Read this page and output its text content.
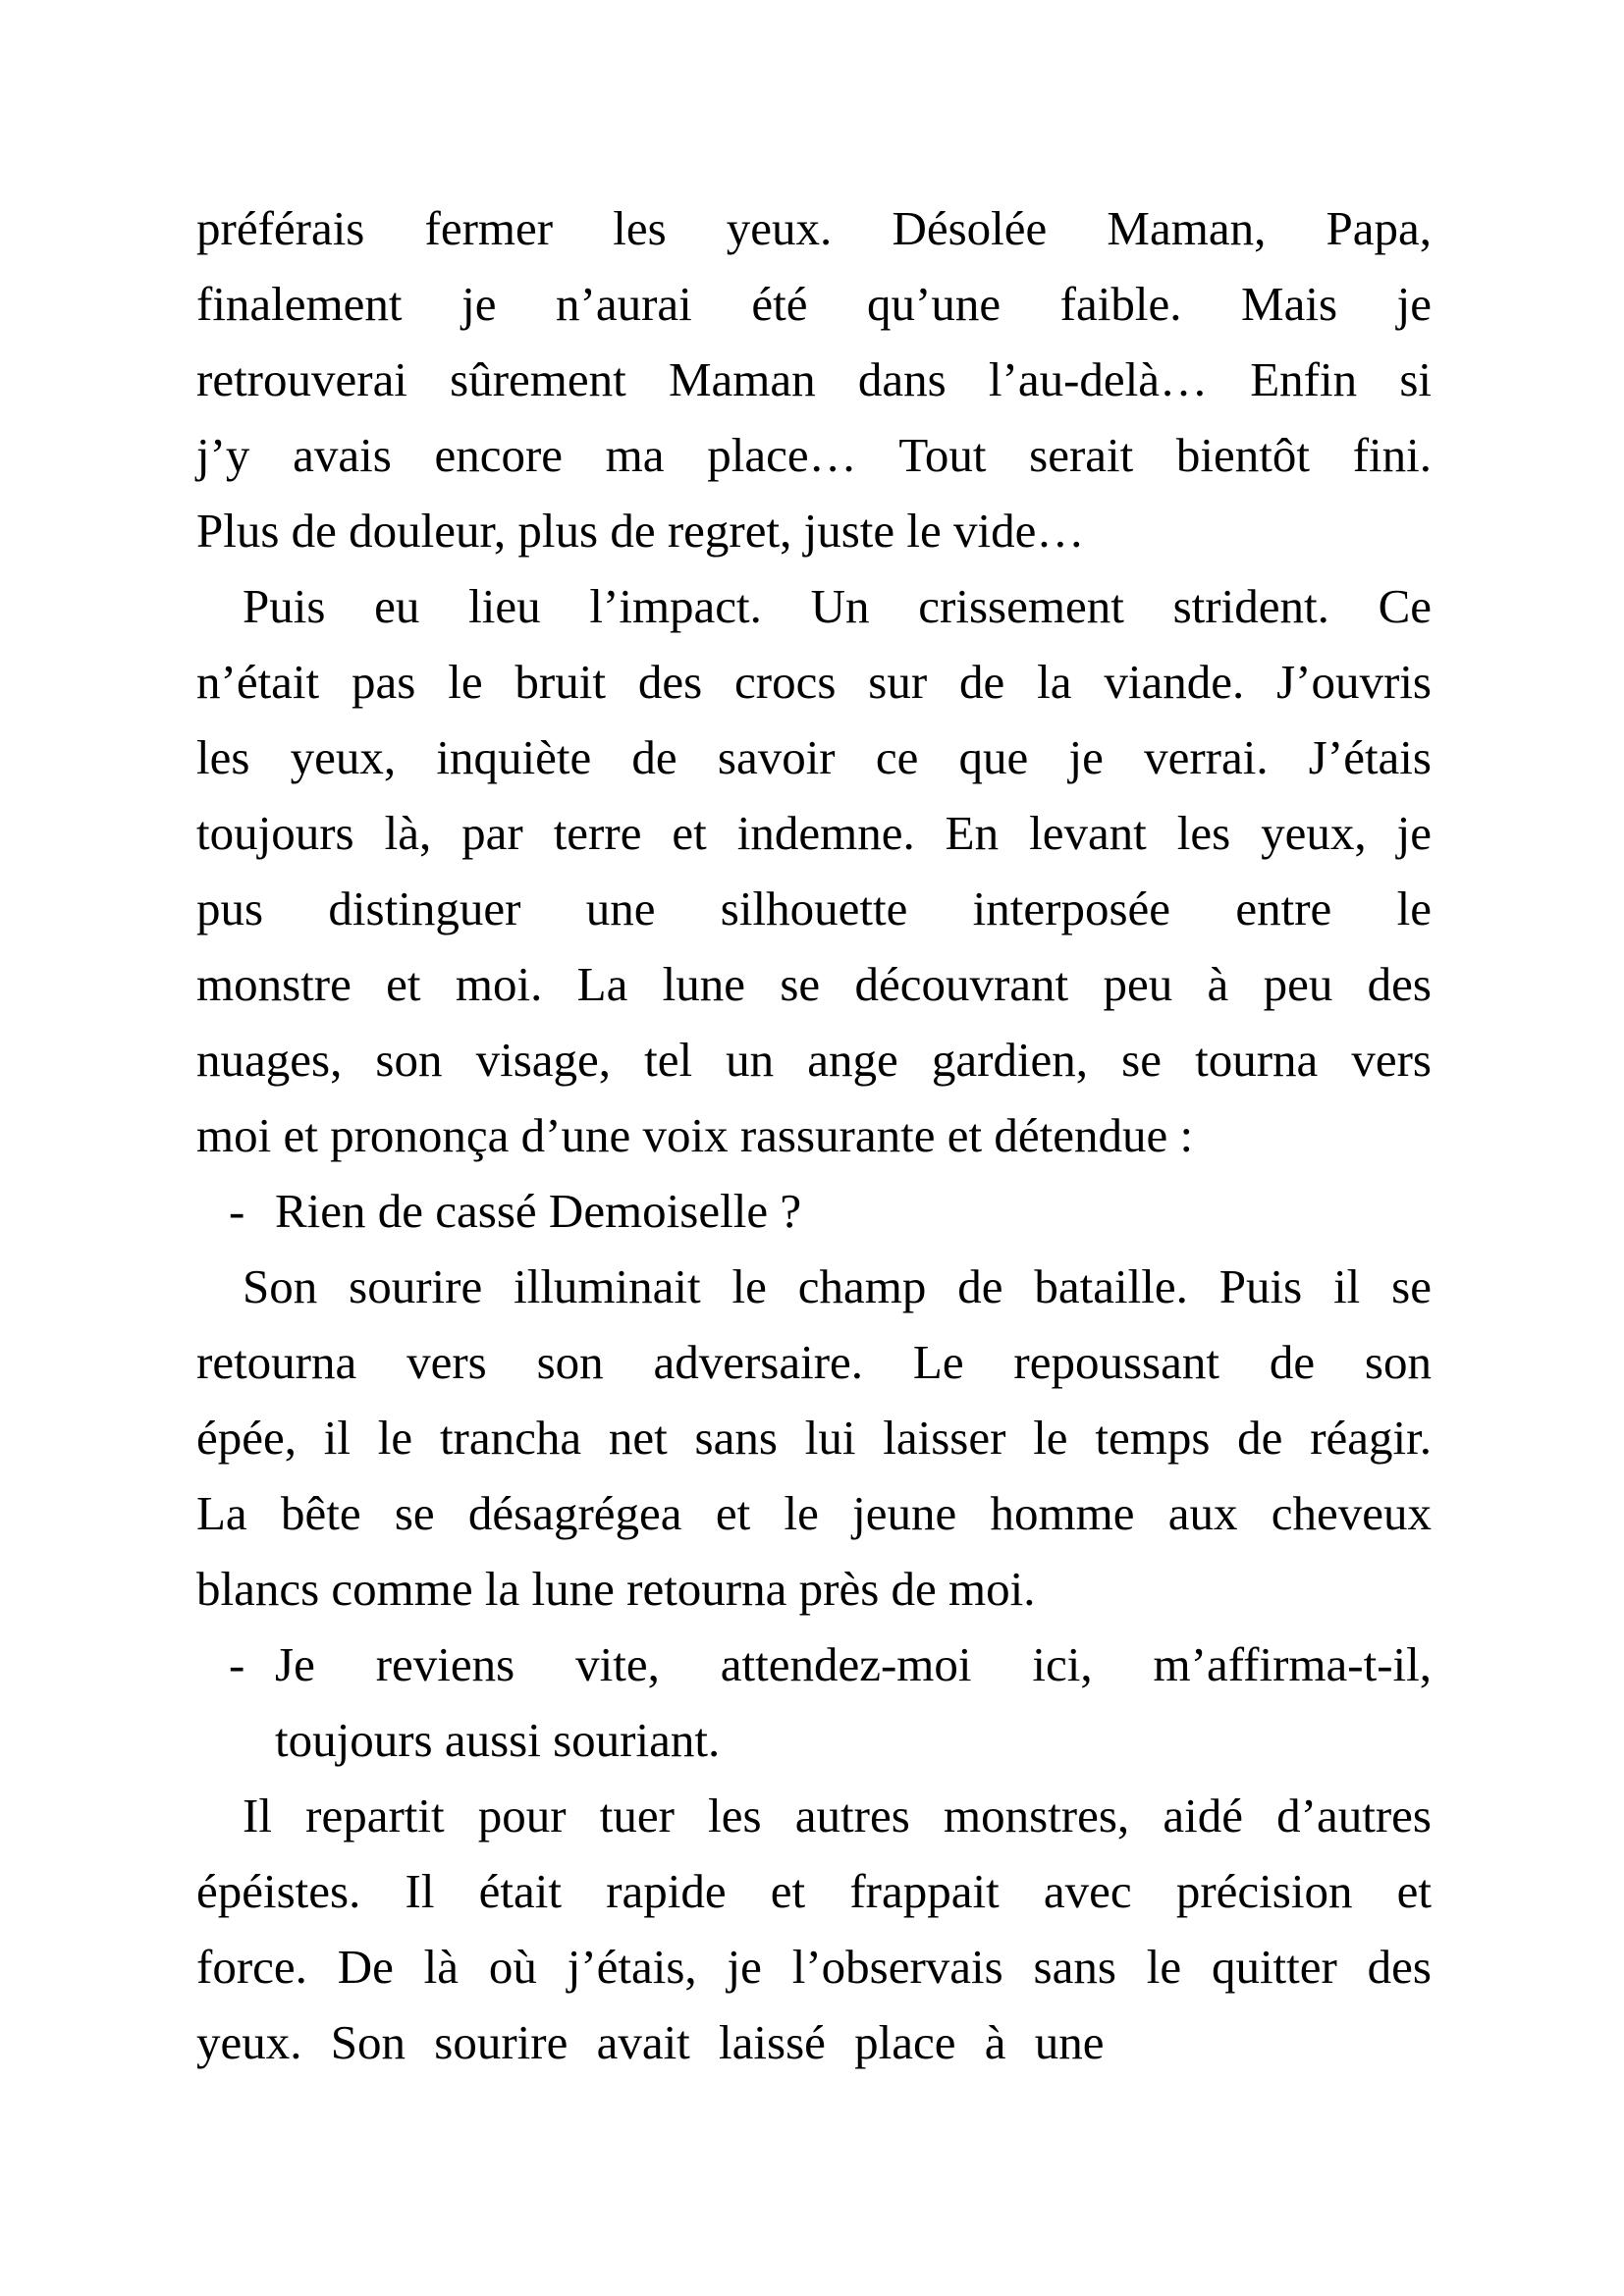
préférais fermer les yeux. Désolée Maman, Papa,
finalement je n’aurai été qu’une faible. Mais je
retrouverai sûrement Maman dans l’au-delà… Enfin si
j’y avais encore ma place… Tout serait bientôt fini.
Plus de douleur, plus de regret, juste le vide…
Puis eu lieu l’impact. Un crissement strident. Ce
n’était pas le bruit des crocs sur de la viande. J’ouvris
les yeux, inquiète de savoir ce que je verrai. J’étais
toujours là, par terre et indemne. En levant les yeux, je
pus distinguer une silhouette interposée entre le
monstre et moi. La lune se découvrant peu à peu des
nuages, son visage, tel un ange gardien, se tourna vers
moi et prononça d’une voix rassurante et détendue :
- Rien de cassé Demoiselle ?
Son sourire illuminait le champ de bataille. Puis il se
retourna vers son adversaire. Le repoussant de son
épée, il le trancha net sans lui laisser le temps de réagir.
La bête se désagrégea et le jeune homme aux cheveux
blancs comme la lune retourna près de moi.
- Je reviens vite, attendez-moi ici, m’affirma-t-il,
toujours aussi souriant.
Il repartit pour tuer les autres monstres, aidé d’autres
épéistes. Il était rapide et frappait avec précision et
force. De là où j’étais, je l’observais sans le quitter des
yeux. Son sourire avait laissé place à une
